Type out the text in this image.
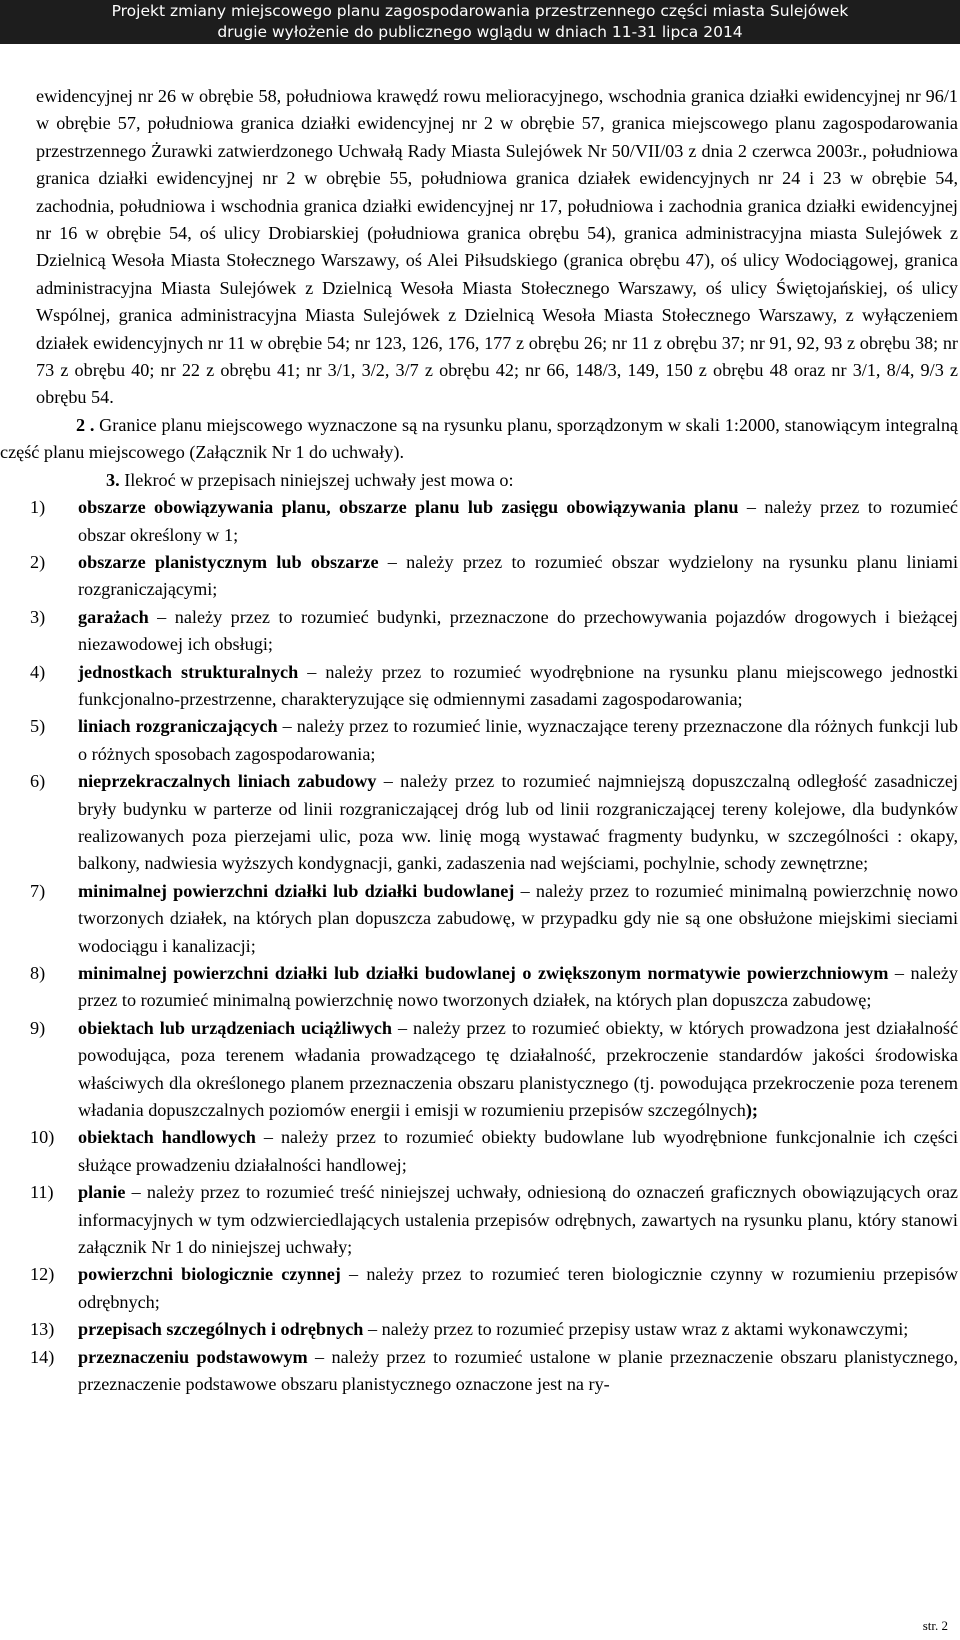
Projekt zmiany miejscowego planu zagospodarowania przestrzennego części miasta Sulejówek
drugie wyłożenie do publicznego wglądu w dniach 11-31 lipca 2014

ewidencyjnej nr 26 w obrębie 58, południowa krawędź rowu melioracyjnego, wschodnia granica działki ewidencyjnej nr 96/1 w obrębie 57, południowa granica działki ewidencyjnej nr 2 w obrębie 57, granica miejscowego planu zagospodarowania przestrzennego Żurawki zatwierdzonego Uchwałą Rady Miasta Sulejówek Nr 50/VII/03 z dnia 2 czerwca 2003r., południowa granica działki ewidencyjnej nr 2 w obrębie 55, południowa granica działek ewidencyjnych nr 24 i 23 w obrębie 54, zachodnia, południowa i wschodnia granica działki ewidencyjnej nr 17, południowa i zachodnia granica działki ewidencyjnej nr 16 w obrębie 54, oś ulicy Drobiarskiej (południowa granica obrębu 54), granica administracyjna miasta Sulejówek z Dzielnicą Wesoła Miasta Stołecznego Warszawy, oś Alei Piłsudskiego (granica obrębu 47), oś ulicy Wodociągowej, granica administracyjna Miasta Sulejówek z Dzielnicą Wesoła Miasta Stołecznego Warszawy, oś ulicy Świętojańskiej, oś ulicy Wspólnej, granica administracyjna Miasta Sulejówek z Dzielnicą Wesoła Miasta Stołecznego Warszawy, z wyłączeniem działek ewidencyjnych nr 11 w obrębie 54; nr 123, 126, 176, 177 z obrębu 26; nr 11 z obrębu 37; nr 91, 92, 93 z obrębu 38; nr 73 z obrębu 40; nr 22 z obrębu 41; nr 3/1, 3/2, 3/7 z obrębu 42; nr 66, 148/3, 149, 150 z obrębu 48 oraz nr 3/1, 8/4, 9/3 z obrębu 54.

2 . Granice planu miejscowego wyznaczone są na rysunku planu, sporządzonym w skali 1:2000, stanowiącym integralną część planu miejscowego (Załącznik Nr 1 do uchwały).

3. Ilekroć w przepisach niniejszej uchwały jest mowa o:

1) obszarze obowiązywania planu, obszarze planu lub zasięgu obowiązywania planu – należy przez to rozumieć obszar określony w 1;
2) obszarze planistycznym lub obszarze – należy przez to rozumieć obszar wydzielony na rysunku planu liniami rozgraniczającymi;
3) garażach – należy przez to rozumieć budynki, przeznaczone do przechowywania pojazdów drogowych i bieżącej niezawodowej ich obsługi;
4) jednostkach strukturalnych – należy przez to rozumieć wyodrębnione na rysunku planu miejscowego jednostki funkcjonalno-przestrzenne, charakteryzujące się odmiennymi zasadami zagospodarowania;
5) liniach rozgraniczających – należy przez to rozumieć linie, wyznaczające tereny przeznaczone dla różnych funkcji lub o różnych sposobach zagospodarowania;
6) nieprzekraczalnych liniach zabudowy – należy przez to rozumieć najmniejszą dopuszczalną odległość zasadniczej bryły budynku w parterze od linii rozgraniczającej dróg lub od linii rozgraniczającej tereny kolejowe, dla budynków realizowanych poza pierzejami ulic, poza ww. linię mogą wystawać fragmenty budynku, w szczególności : okapy, balkony, nadwiesia wyższych kondygnacji, ganki, zadaszenia nad wejściami, pochylnie, schody zewnętrzne;
7) minimalnej powierzchni działki lub działki budowlanej – należy przez to rozumieć minimalną powierzchnię nowo tworzonych działek, na których plan dopuszcza zabudowę, w przypadku gdy nie są one obsłużone miejskimi sieciami wodociągu i kanalizacji;
8) minimalnej powierzchni działki lub działki budowlanej o zwiększonym normatywie powierzchniowym – należy przez to rozumieć minimalną powierzchnię nowo tworzonych działek, na których plan dopuszcza zabudowę;
9) obiektach lub urządzeniach uciążliwych – należy przez to rozumieć obiekty, w których prowadzona jest działalność powodująca, poza terenem władania prowadzącego tę działalność, przekroczenie standardów jakości środowiska właściwych dla określonego planem przeznaczenia obszaru planistycznego (tj. powodująca przekroczenie poza terenem władania dopuszczalnych poziomów energii i emisji w rozumieniu przepisów szczególnych);
10) obiektach handlowych – należy przez to rozumieć obiekty budowlane lub wyodrębnione funkcjonalnie ich części służące prowadzeniu działalności handlowej;
11) planie – należy przez to rozumieć treść niniejszej uchwały, odniesioną do oznaczeń graficznych obowiązujących oraz informacyjnych w tym odzwierciedlających ustalenia przepisów odrębnych, zawartych na rysunku planu, który stanowi załącznik Nr 1 do niniejszej uchwały;
12) powierzchni biologicznie czynnej – należy przez to rozumieć teren biologicznie czynny w rozumieniu przepisów odrębnych;
13) przepisach szczególnych i odrębnych – należy przez to rozumieć przepisy ustaw wraz z aktami wykonawczymi;
14) przeznaczeniu podstawowym – należy przez to rozumieć ustalone w planie przeznaczenie obszaru planistycznego, przeznaczenie podstawowe obszaru planistycznego oznaczone jest na ry-
str. 2
